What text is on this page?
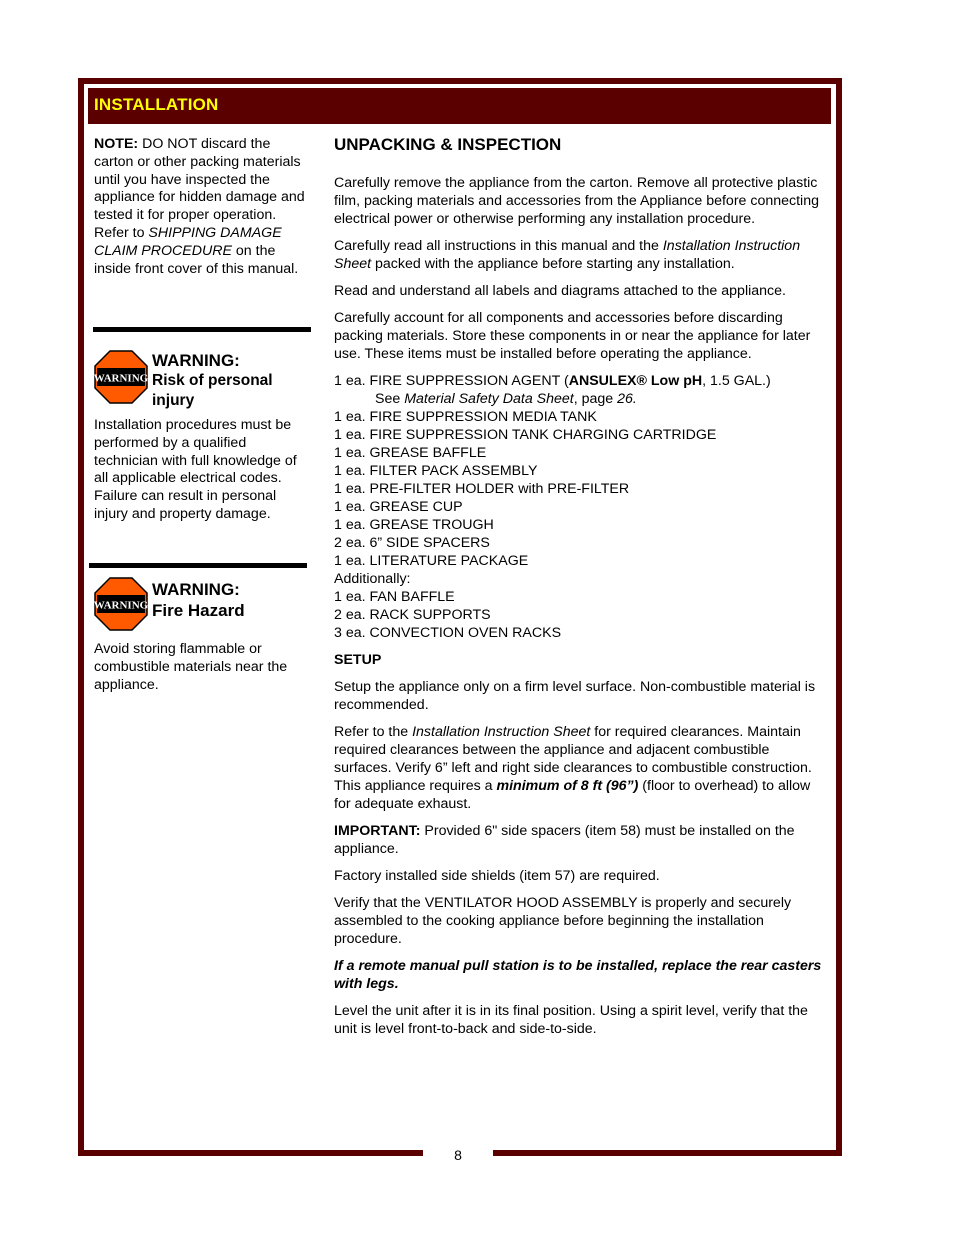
INSTALLATION
NOTE: DO NOT discard the carton or other packing materials until you have inspected the appliance for hidden damage and tested it for proper operation.
Refer to SHIPPING DAMAGE CLAIM PROCEDURE on the inside front cover of this manual.
WARNING
WARNING:
Risk of personal injury
Installation procedures must be performed by a qualified technician with full knowledge of all applicable electrical codes. Failure can result in personal injury and property damage.
WARNING
WARNING:
Fire Hazard
Avoid storing flammable or combustible materials near the appliance.
UNPACKING & INSPECTION

Carefully remove the appliance from the carton. Remove all protective plastic film, packing materials and accessories from the Appliance before connecting electrical power or otherwise performing any installation procedure.

Carefully read all instructions in this manual and the Installation Instruction Sheet packed with the appliance before starting any installation.

Read and understand all labels and diagrams attached to the appliance.

Carefully account for all components and accessories before discarding packing materials. Store these components in or near the appliance for later use. These items must be installed before operating the appliance.

1 ea. FIRE SUPPRESSION AGENT (ANSULEX® Low pH, 1.5 GAL.)
See Material Safety Data Sheet, page 26.
1 ea. FIRE SUPPRESSION MEDIA TANK
1 ea. FIRE SUPPRESSION TANK CHARGING CARTRIDGE
1 ea. GREASE BAFFLE
1 ea. FILTER PACK ASSEMBLY
1 ea. PRE-FILTER HOLDER with PRE-FILTER
1 ea. GREASE CUP
1 ea. GREASE TROUGH
2 ea. 6” SIDE SPACERS
1 ea. LITERATURE PACKAGE
Additionally:
1 ea. FAN BAFFLE
2 ea. RACK SUPPORTS
3 ea. CONVECTION OVEN RACKS
SETUP

Setup the appliance only on a firm level surface. Non-combustible material is recommended.

Refer to the Installation Instruction Sheet for required clearances. Maintain required clearances between the appliance and adjacent combustible surfaces. Verify 6” left and right side clearances to combustible construction. This appliance requires a minimum of 8 ft (96”) (floor to overhead) to allow for adequate exhaust.

IMPORTANT: Provided 6" side spacers (item 58) must be installed on the appliance.

Factory installed side shields (item 57) are required.

Verify that the VENTILATOR HOOD ASSEMBLY is properly and securely assembled to the cooking appliance before beginning the installation procedure.

If a remote manual pull station is to be installed, replace the rear casters with legs.

Level the unit after it is in its final position. Using a spirit level, verify that the unit is level front-to-back and side-to-side.

8
